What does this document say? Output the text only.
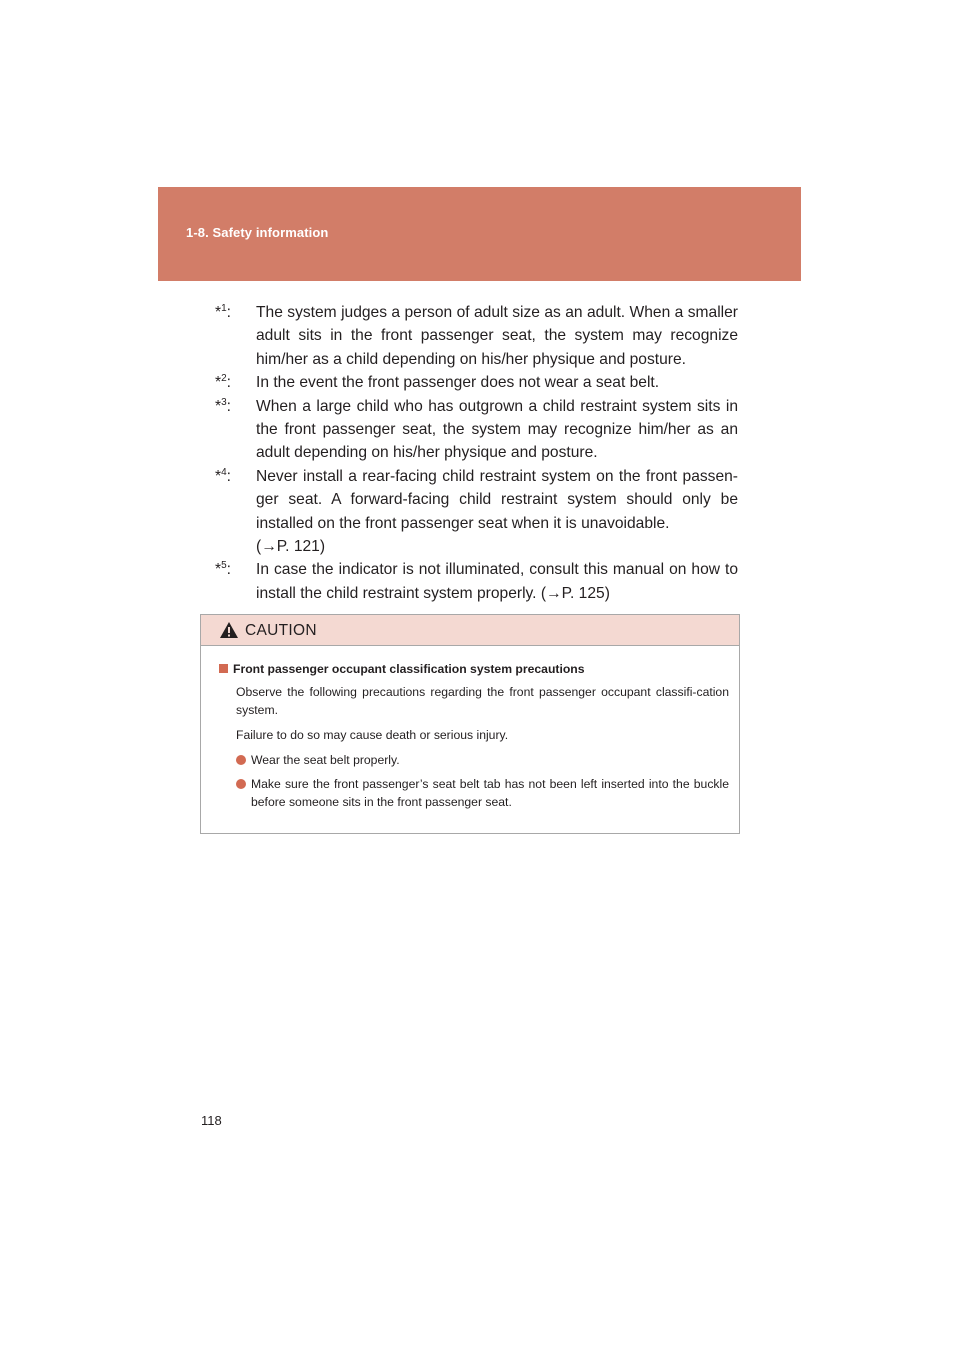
1-8. Safety information
*$^1$: The system judges a person of adult size as an adult. When a smaller adult sits in the front passenger seat, the system may recognize him/her as a child depending on his/her physique and posture.
*$^2$: In the event the front passenger does not wear a seat belt.
*$^3$: When a large child who has outgrown a child restraint system sits in the front passenger seat, the system may recognize him/her as an adult depending on his/her physique and posture.
*$^4$: Never install a rear-facing child restraint system on the front passen-ger seat. A forward-facing child restraint system should only be installed on the front passenger seat when it is unavoidable.
(→P. 121)
*$^5$: In case the indicator is not illuminated, consult this manual on how to install the child restraint system properly. (→P. 125)
CAUTION
Front passenger occupant classification system precautions
Observe the following precautions regarding the front passenger occupant classifi-cation system.
Failure to do so may cause death or serious injury.
Wear the seat belt properly.
Make sure the front passenger’s seat belt tab has not been left inserted into the buckle before someone sits in the front passenger seat.
118
